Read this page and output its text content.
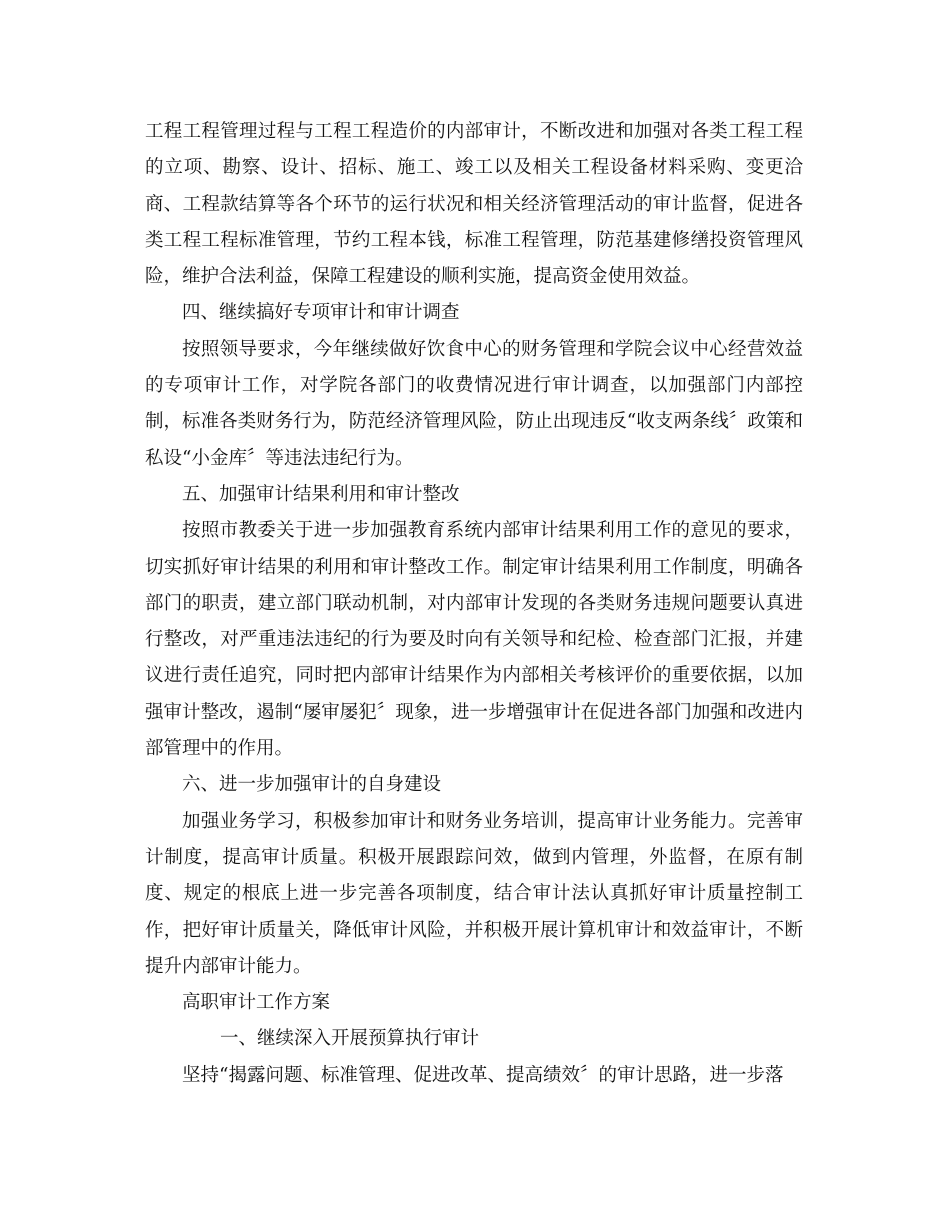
工程工程管理过程与工程工程造价的内部审计，不断改进和加强对各类工程工程的立项、勘察、设计、招标、施工、竣工以及相关工程设备材料采购、变更洽商、工程款结算等各个环节的运行状况和相关经济管理活动的审计监督，促进各类工程工程标准管理，节约工程本钱，标准工程管理，防范基建修缮投资管理风险，维护合法利益，保障工程建设的顺利实施，提高资金使用效益。

四、继续搞好专项审计和审计调查

按照领导要求，今年继续做好饮食中心的财务管理和学院会议中心经营效益的专项审计工作，对学院各部门的收费情况进行审计调查，以加强部门内部控制，标准各类财务行为，防范经济管理风险，防止出现违反“收支两条线〞政策和私设“小金库〞等违法违纪行为。

五、加强审计结果利用和审计整改

按照市教委关于进一步加强教育系统内部审计结果利用工作的意见的要求，切实抓好审计结果的利用和审计整改工作。制定审计结果利用工作制度，明确各部门的职责，建立部门联动机制，对内部审计发现的各类财务违规问题要认真进行整改，对严重违法违纪的行为要及时向有关领导和纪检、检查部门汇报，并建议进行责任追究，同时把内部审计结果作为内部相关考核评价的重要依据，以加强审计整改，遏制“屡审屡犯〞现象，进一步增强审计在促进各部门加强和改进内部管理中的作用。

六、进一步加强审计的自身建设

加强业务学习，积极参加审计和财务业务培训，提高审计业务能力。完善审计制度，提高审计质量。积极开展跟踪问效，做到内管理，外监督，在原有制度、规定的根底上进一步完善各项制度，结合审计法认真抓好审计质量控制工作，把好审计质量关，降低审计风险，并积极开展计算机审计和效益审计，不断提升内部审计能力。

高职审计工作方案

一、继续深入开展预算执行审计

坚持“揭露问题、标准管理、促进改革、提高绩效〞的审计思路，进一步落
